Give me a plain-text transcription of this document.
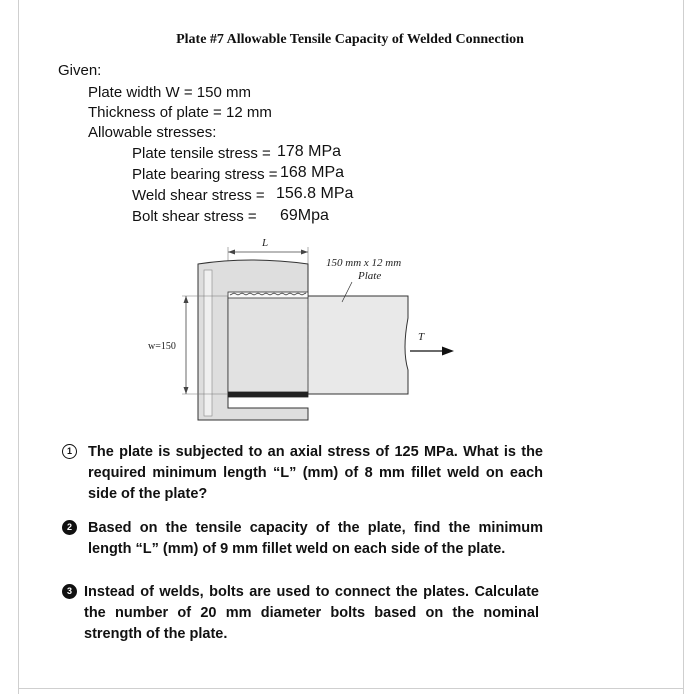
Plate #7 Allowable Tensile Capacity of Welded Connection
Given:
Plate width W = 150 mm
Thickness of plate = 12 mm
Allowable stresses:
Plate tensile stress = 178 MPa
Plate bearing stress = 168 MPa
Weld shear stress = 156.8 MPa
Bolt shear stress = 69Mpa
L
w=150
150 mm x 12 mm
Plate
T
1	The plate is subjected to an axial stress of 125 MPa. What is the required minimum length “L” (mm) of 8 mm fillet weld on each side of the plate?
2	Based on the tensile capacity of the plate, find the minimum length “L” (mm) of 9 mm fillet weld on each side of the plate.
3 Instead of welds, bolts are used to connect the plates. Calculate the number of 20 mm diameter bolts based on the nominal strength of the plate.
